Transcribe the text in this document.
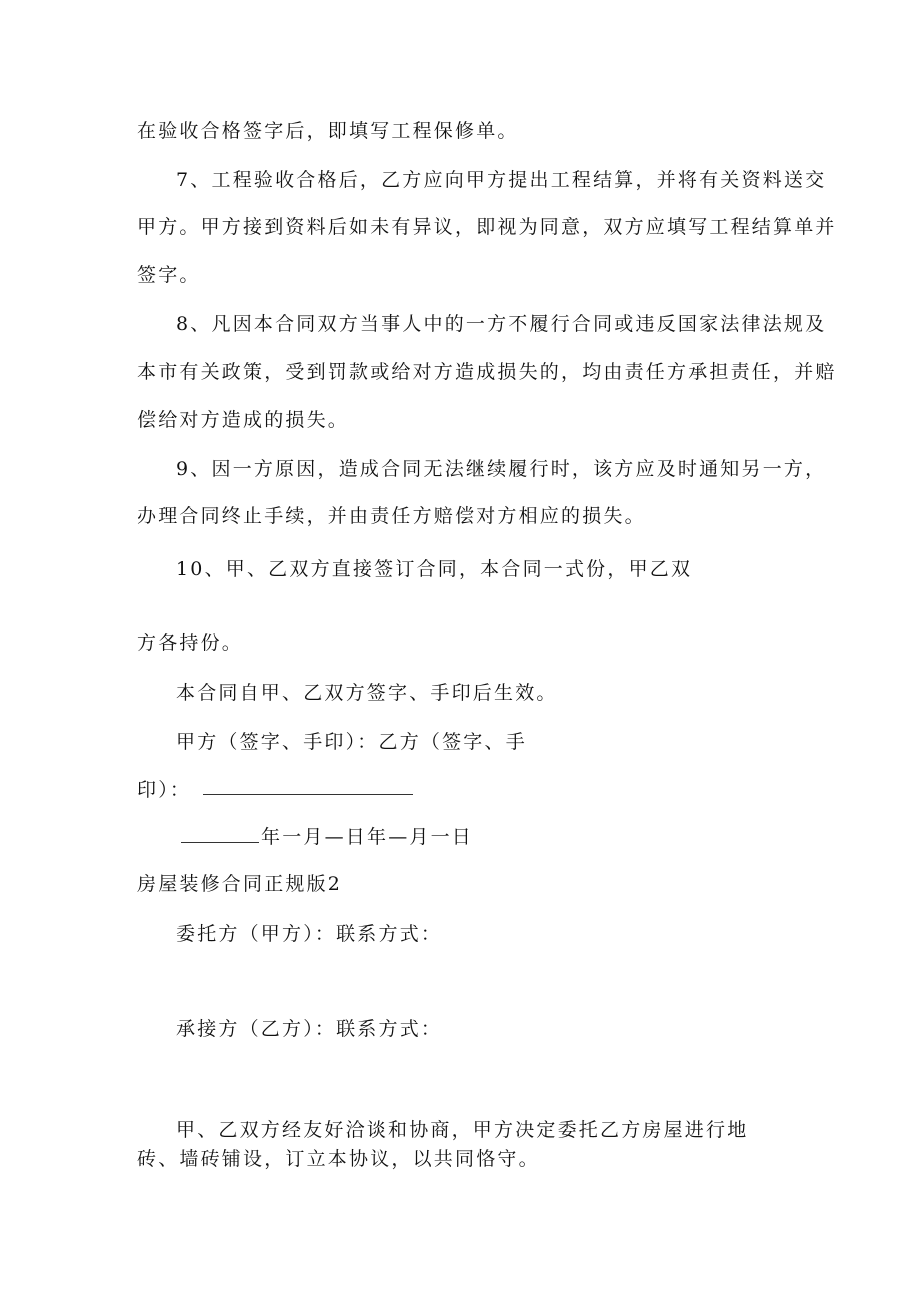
在验收合格签字后，即填写工程保修单。
7、工程验收合格后，乙方应向甲方提出工程结算，并将有关资料送交
甲方。甲方接到资料后如未有异议，即视为同意，双方应填写工程结算单并
签字。
8、凡因本合同双方当事人中的一方不履行合同或违反国家法律法规及
本市有关政策，受到罚款或给对方造成损失的，均由责任方承担责任，并赔
偿给对方造成的损失。
9、因一方原因，造成合同无法继续履行时，该方应及时通知另一方，
办理合同终止手续，并由责任方赔偿对方相应的损失。
10、甲、乙双方直接签订合同，本合同一式份，甲乙双
方各持份。
本合同自甲、乙双方签字、手印后生效。
甲方（签字、手印）：乙方（签字、手
印）：
年一月—日年—月一日
房屋装修合同正规版2
委托方（甲方）：联系方式：
承接方（乙方）：联系方式：
甲、乙双方经友好洽谈和协商，甲方决定委托乙方房屋进行地
砖、墙砖铺设，订立本协议，以共同恪守。
